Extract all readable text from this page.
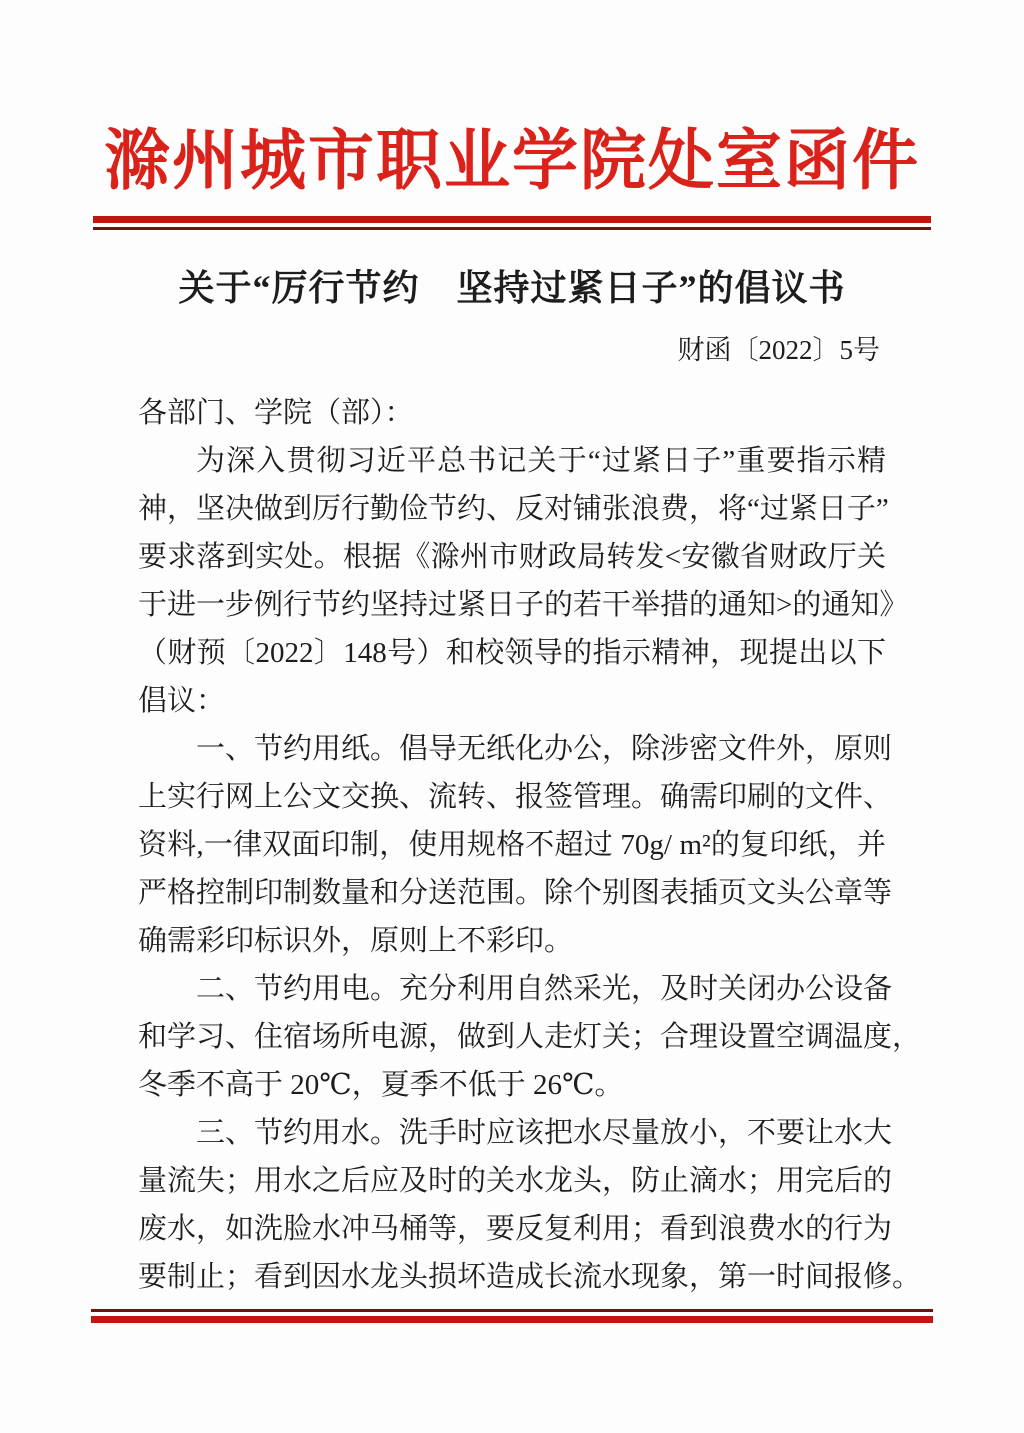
滁州城市职业学院处室函件
关于“厉行节约　坚持过紧日子”的倡议书
财函〔2022〕5号
各部门、学院（部）：
为深入贯彻习近平总书记关于“过紧日子”重要指示精
神，坚决做到厉行勤俭节约、反对铺张浪费，将“过紧日子”
要求落到实处。根据《滁州市财政局转发<安徽省财政厅关
于进一步例行节约坚持过紧日子的若干举措的通知>的通知》
（财预〔2022〕148号）和校领导的指示精神，现提出以下
倡议：
一、节约用纸。倡导无纸化办公，除涉密文件外，原则
上实行网上公文交换、流转、报签管理。确需印刷的文件、
资料,一律双面印制，使用规格不超过 70g/ m²的复印纸，并
严格控制印制数量和分送范围。除个别图表插页文头公章等
确需彩印标识外，原则上不彩印。
二、节约用电。充分利用自然采光，及时关闭办公设备
和学习、住宿场所电源，做到人走灯关；合理设置空调温度，
冬季不高于 20℃，夏季不低于 26℃。
三、节约用水。洗手时应该把水尽量放小，不要让水大
量流失；用水之后应及时的关水龙头，防止滴水；用完后的
废水，如洗脸水冲马桶等，要反复利用；看到浪费水的行为
要制止；看到因水龙头损坏造成长流水现象，第一时间报修。
